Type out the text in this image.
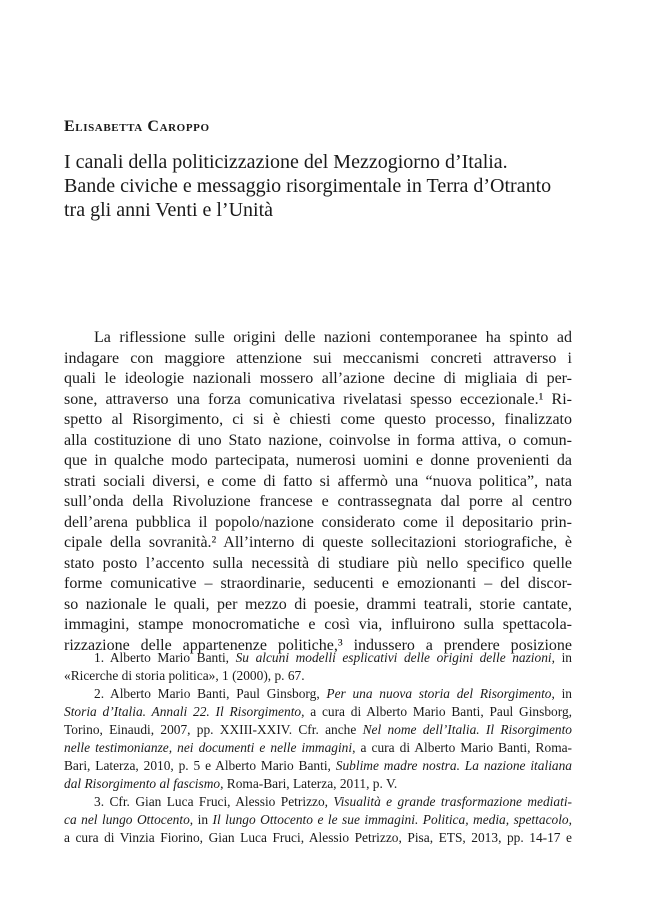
Elisabetta Caroppo
I canali della politicizzazione del Mezzogiorno d’Italia.
Bande civiche e messaggio risorgimentale in Terra d’Otranto
tra gli anni Venti e l’Unità
La riflessione sulle origini delle nazioni contemporanee ha spinto ad
indagare con maggiore attenzione sui meccanismi concreti attraverso i
quali le ideologie nazionali mossero all’azione decine di migliaia di per-
sone, attraverso una forza comunicativa rivelatasi spesso eccezionale.¹ Ri-
spetto al Risorgimento, ci si è chiesti come questo processo, finalizzato
alla costituzione di uno Stato nazione, coinvolse in forma attiva, o comun-
que in qualche modo partecipata, numerosi uomini e donne provenienti da
strati sociali diversi, e come di fatto si affermò una “nuova politica”, nata
sull’onda della Rivoluzione francese e contrassegnata dal porre al centro
dell’arena pubblica il popolo/nazione considerato come il depositario prin-
cipale della sovranità.² All’interno di queste sollecitazioni storiografiche, è
stato posto l’accento sulla necessità di studiare più nello specifico quelle
forme comunicative – straordinarie, seducenti e emozionanti – del discor-
so nazionale le quali, per mezzo di poesie, drammi teatrali, storie cantate,
immagini, stampe monocromatiche e così via, influirono sulla spettacola-
rizzazione delle appartenenze politiche,³ indussero a prendere posizione
1. Alberto Mario Banti, Su alcuni modelli esplicativi delle origini delle nazioni, in
«Ricerche di storia politica», 1 (2000), p. 67.
2. Alberto Mario Banti, Paul Ginsborg, Per una nuova storia del Risorgimento, in
Storia d’Italia. Annali 22. Il Risorgimento, a cura di Alberto Mario Banti, Paul Ginsborg,
Torino, Einaudi, 2007, pp. XXIII-XXIV. Cfr. anche Nel nome dell’Italia. Il Risorgimento
nelle testimonianze, nei documenti e nelle immagini, a cura di Alberto Mario Banti, Roma-
Bari, Laterza, 2010, p. 5 e Alberto Mario Banti, Sublime madre nostra. La nazione italiana
dal Risorgimento al fascismo, Roma-Bari, Laterza, 2011, p. V.
3. Cfr. Gian Luca Fruci, Alessio Petrizzo, Visualità e grande trasformazione mediati-
ca nel lungo Ottocento, in Il lungo Ottocento e le sue immagini. Politica, media, spettacolo,
a cura di Vinzia Fiorino, Gian Luca Fruci, Alessio Petrizzo, Pisa, ETS, 2013, pp. 14-17 e
